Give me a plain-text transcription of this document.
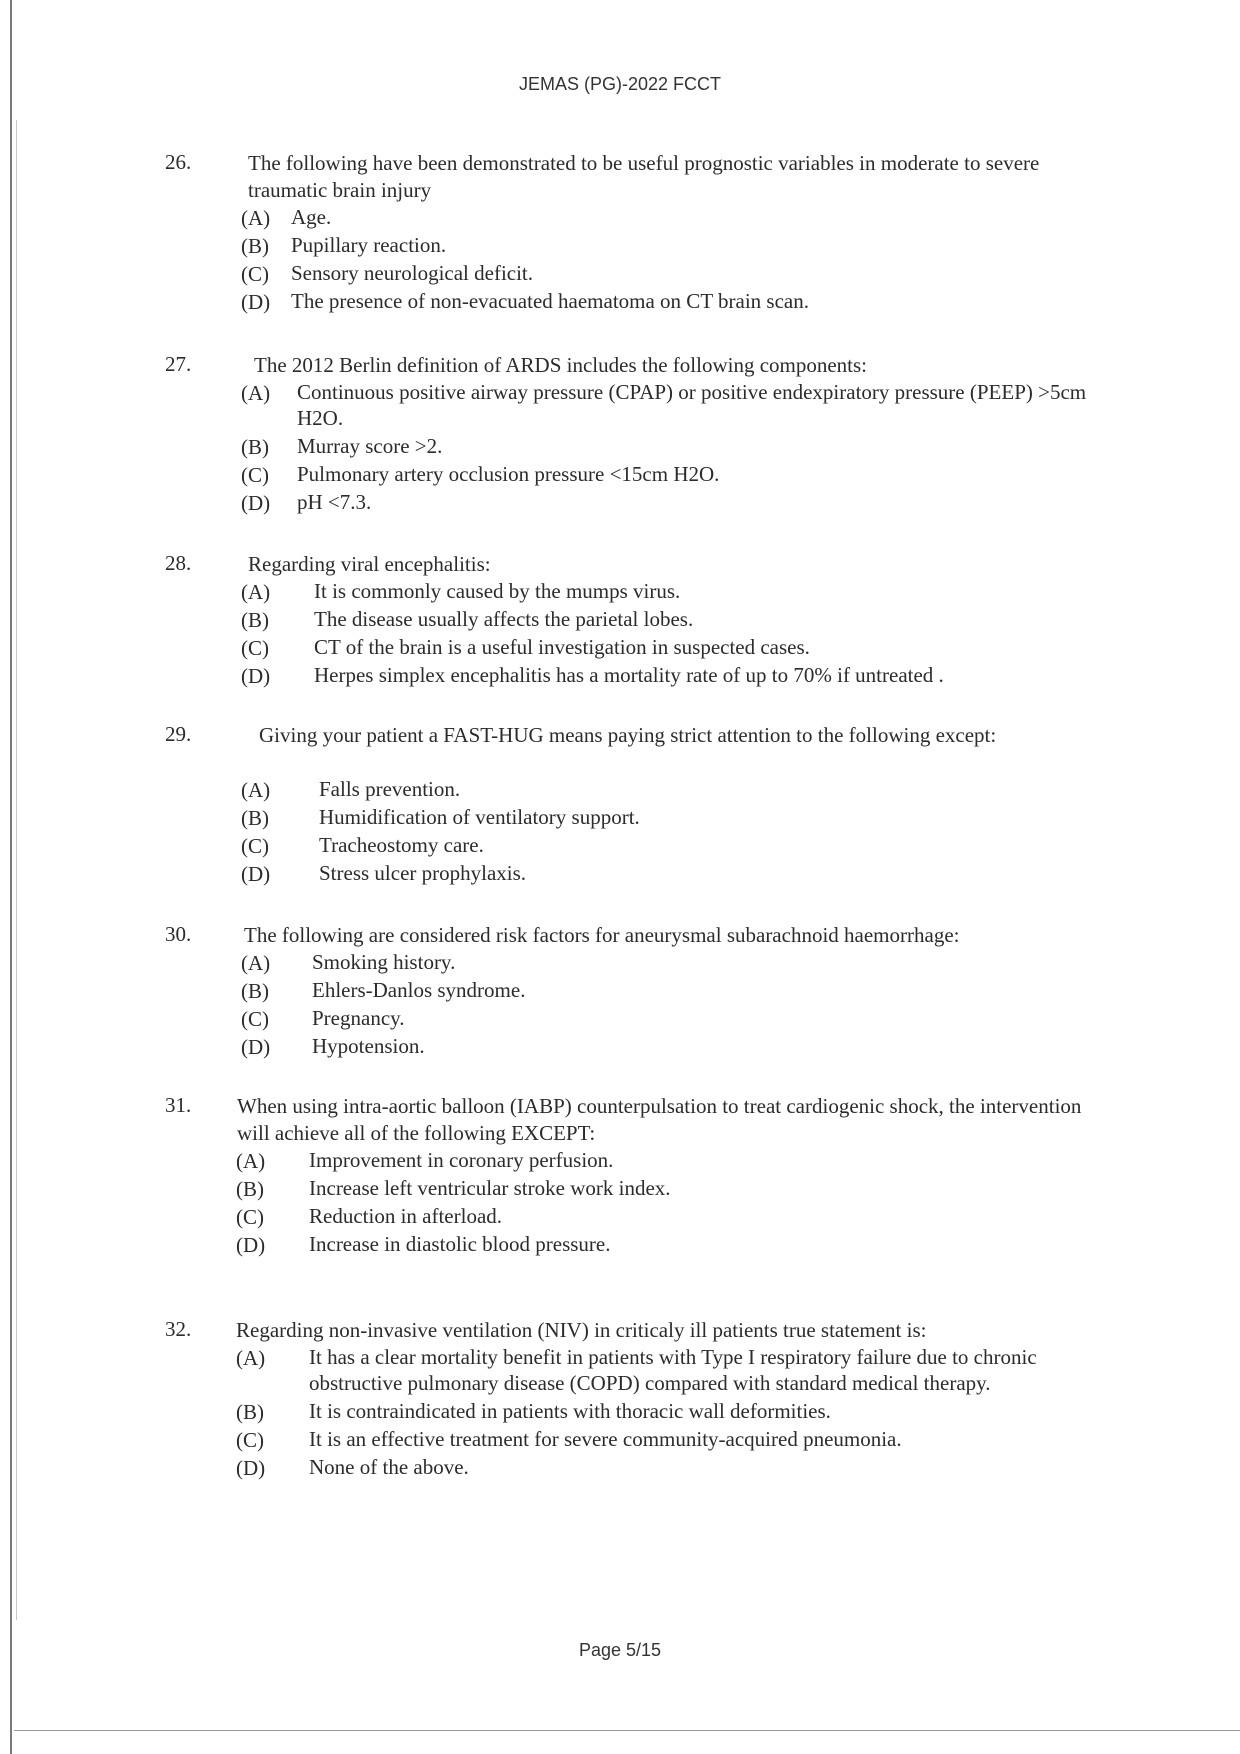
JEMAS (PG)-2022 FCCT
26.	The following have been demonstrated to be useful prognostic variables in moderate to severe traumatic brain injury
(A) Age.
(B) Pupillary reaction.
(C) Sensory neurological deficit.
(D) The presence of non-evacuated haematoma on CT brain scan.
27.	The 2012 Berlin definition of ARDS includes the following components:
(A) Continuous positive airway pressure (CPAP) or positive endexpiratory pressure (PEEP) >5cm H2O.
(B) Murray score >2.
(C) Pulmonary artery occlusion pressure <15cm H2O.
(D) pH <7.3.
28.	Regarding viral encephalitis:
(A) It is commonly caused by the mumps virus.
(B) The disease usually affects the parietal lobes.
(C) CT of the brain is a useful investigation in suspected cases.
(D) Herpes simplex encephalitis has a mortality rate of up to 70% if untreated .
29.	Giving your patient a FAST-HUG means paying strict attention to the following except:
(A) Falls prevention.
(B) Humidification of ventilatory support.
(C) Tracheostomy care.
(D) Stress ulcer prophylaxis.
30.	The following are considered risk factors for aneurysmal subarachnoid haemorrhage:
(A) Smoking history.
(B) Ehlers-Danlos syndrome.
(C) Pregnancy.
(D) Hypotension.
31. When using intra-aortic balloon (IABP) counterpulsation to treat cardiogenic shock, the intervention will achieve all of the following EXCEPT:
(A) Improvement in coronary perfusion.
(B) Increase left ventricular stroke work index.
(C) Reduction in afterload.
(D) Increase in diastolic blood pressure.
32. Regarding non-invasive ventilation (NIV) in criticaly ill patients true statement is:
(A) It has a clear mortality benefit in patients with Type I respiratory failure due to chronic obstructive pulmonary disease (COPD) compared with standard medical therapy.
(B) It is contraindicated in patients with thoracic wall deformities.
(C) It is an effective treatment for severe community-acquired pneumonia.
(D) None of the above.
Page 5/15
